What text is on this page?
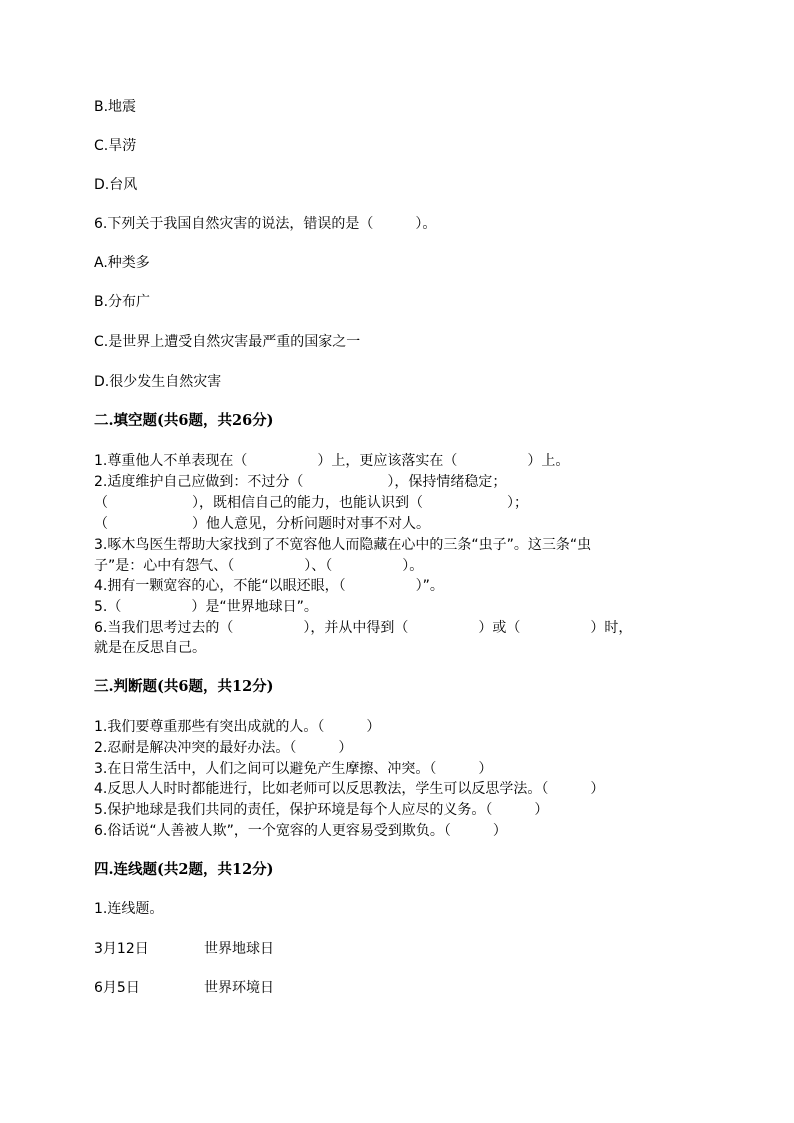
B.地震
C.旱涝
D.台风
6.下列关于我国自然灾害的说法，错误的是（　　　）。
A.种类多
B.分布广
C.是世界上遭受自然灾害最严重的国家之一
D.很少发生自然灾害
二.填空题(共6题，共26分)
1.尊重他人不单表现在（　　　　　）上，更应该落实在（　　　　　）上。
2.适度维护自己应做到：不过分（　　　　　　），保持情绪稳定；
（　　　　　　），既相信自己的能力，也能认识到（　　　　　　）；
（　　　　　　）他人意见，分析问题时对事不对人。
3.啄木鸟医生帮助大家找到了不宽容他人而隐藏在心中的三条“虫子”。这三条“虫
子”是：心中有怨气、（　　　　　）、（　　　　　）。
4.拥有一颗宽容的心，不能“以眼还眼，（　　　　　）”。
5.（　　　　　）是“世界地球日”。
6.当我们思考过去的（　　　　　），并从中得到（　　　　　）或（　　　　　）时，
就是在反思自己。
三.判断题(共6题，共12分)
1.我们要尊重那些有突出成就的人。（　　　）
2.忍耐是解决冲突的最好办法。（　　　）
3.在日常生活中，人们之间可以避免产生摩擦、冲突。（　　　）
4.反思人人时时都能进行，比如老师可以反思教法，学生可以反思学法。（　　　）
5.保护地球是我们共同的责任，保护环境是每个人应尽的义务。（　　　）
6.俗话说“人善被人欺”，一个宽容的人更容易受到欺负。（　　　）
四.连线题(共2题，共12分)
1.连线题。
3月12日	世界地球日
6月5日	世界环境日
